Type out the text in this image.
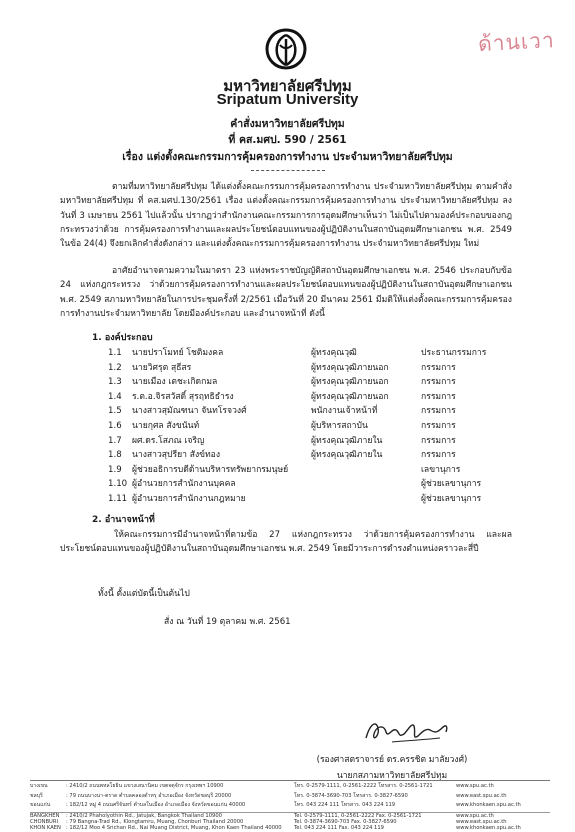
ด้านเวา
มหาวิทยาลัยศรีปทุม
Sripatum University
คำสั่งมหาวิทยาลัยศรีปทุม
ที่ คส.มศป. 590 / 2561
เรื่อง แต่งตั้งคณะกรรมการคุ้มครองการทำงาน ประจำมหาวิทยาลัยศรีปทุม
ตามที่มหาวิทยาลัยศรีปทุม ได้แต่งตั้งคณะกรรมการคุ้มครองการทำงาน ประจำมหาวิทยาลัยศรีปทุม ตามคำสั่งมหาวิทยาลัยศรีปทุม ที่ คส.มศป.130/2561 เรื่อง แต่งตั้งคณะกรรมการคุ้มครองการทำงาน ประจำมหาวิทยาลัยศรีปทุม ลงวันที่ 3 เมษายน 2561 ไปแล้วนั้น ปรากฏว่าสำนักงานคณะกรรมการการอุดมศึกษาเห็นว่า ไม่เป็นไปตามองค์ประกอบของกฎกระทรวงว่าด้วย การคุ้มครองการทำงานและผลประโยชน์ตอบแทนของผู้ปฏิบัติงานในสถาบันอุดมศึกษาเอกชน พ.ศ. 2549 ในข้อ 24(4) จึงยกเลิกคำสั่งดังกล่าว และแต่งตั้งคณะกรรมการคุ้มครองการทำงาน ประจำมหาวิทยาลัยศรีปทุม ใหม่
อาศัยอำนาจตามความในมาตรา 23 แห่งพระราชบัญญัติสถาบันอุดมศึกษาเอกชน พ.ศ. 2546 ประกอบกับข้อ 24 แห่งกฎกระทรวง ว่าด้วยการคุ้มครองการทำงานและผลประโยชน์ตอบแทนของผู้ปฏิบัติงานในสถาบันอุดมศึกษาเอกชน พ.ศ. 2549 สภามหาวิทยาลัยในการประชุมครั้งที่ 2/2561 เมื่อวันที่ 20 มีนาคม 2561 มีมติให้แต่งตั้งคณะกรรมการคุ้มครองการทำงานประจำมหาวิทยาลัย โดยมีองค์ประกอบ และอำนาจหน้าที่ ดังนี้
1. องค์ประกอบ
1.1 นายปราโมทย์ โชติมงคล	ผู้ทรงคุณวุฒิ	ประธานกรรมการ
1.2 นายวิศรุต สุธีสร	ผู้ทรงคุณวุฒิภายนอก	กรรมการ
1.3 นายเมือง เตชะเกิดกมล	ผู้ทรงคุณวุฒิภายนอก	กรรมการ
1.4 ร.ต.อ.จิรสวัสดิ์ สุรฤทธิธำรง	ผู้ทรงคุณวุฒิภายนอก	กรรมการ
1.5 นางสาวสุมัณฑนา จันทโรจวงศ์	พนักงานเจ้าหน้าที่	กรรมการ
1.6 นายกุศล สังขนันท์	ผู้บริหารสถาบัน	กรรมการ
1.7 ผศ.ดร.โสภณ เจริญ	ผู้ทรงคุณวุฒิภายใน	กรรมการ
1.8 นางสาวสุปรียา สังข์ทอง	ผู้ทรงคุณวุฒิภายใน	กรรมการ
1.9 ผู้ช่วยอธิการบดีด้านบริหารทรัพยากรมนุษย์	เลขานุการ
1.10 ผู้อำนวยการสำนักงานบุคคล	ผู้ช่วยเลขานุการ
1.11 ผู้อำนวยการสำนักงานกฎหมาย	ผู้ช่วยเลขานุการ
2. อำนาจหน้าที่
ให้คณะกรรมการมีอำนาจหน้าที่ตามข้อ 27 แห่งกฎกระทรวง ว่าด้วยการคุ้มครองการทำงาน และผลประโยชน์ตอบแทนของผู้ปฏิบัติงานในสถาบันอุดมศึกษาเอกชน พ.ศ. 2549 โดยมีวาระการดำรงตำแหน่งคราวละสี่ปี
ทั้งนี้ ตั้งแต่บัดนี้เป็นต้นไป
สั่ง ณ วันที่ 19 ตุลาคม พ.ศ. 2561
(รองศาสตราจารย์ ดร.ครรชิต มาลัยวงศ์)
นายกสภามหาวิทยาลัยศรีปทุม
บางเขน	: 2410/2 ถนนพหลโยธิน แขวงเสนานิคม เขตจตุจักร กรุงเทพฯ 10900	โทร. 0-2579-1111, 0-2561-2222 โทรสาร. 0-2561-1721	www.spu.ac.th
ชลบุรี	: 79 ถนนบางนา-ตราด ตำบลคลองตำหรุ อำเภอเมือง จังหวัดชลบุรี 20000	โทร. 0-3874-3690-703 โทรสาร. 0-3827-6590	www.east.spu.ac.th
ขอนแก่น	: 182/12 หมู่ 4 ถนนศรีจันทร์ ตำบลในเมือง อำเภอเมือง จังหวัดขอนแก่น 40000	โทร. 043 224 111 โทรสาร. 043 224 119	www.khonkaen.spu.ac.th
BANGKHEN : 2410/2 Phaholyothin Rd., Jatujak, Bangkok Thailand 10900	Tel. 0-2579-1111, 0-2561-2222 Fax. 0-2561-1721	www.spu.ac.th
CHONBURI : 79 Bangna-Trad Rd., Klongtamru, Muang, Chonburi Thailand 20000	Tel. 0-3874-3690-703 Fax. 0-3827-6590	www.east.spu.ac.th
KHON KAEN : 182/12 Moo 4 Srichan Rd., Nai Muang District, Muang, Khon Kaen Thailand 40000 Tel. 043 224 111 Fax. 043 224 119	www.khonkaen.spu.ac.th
